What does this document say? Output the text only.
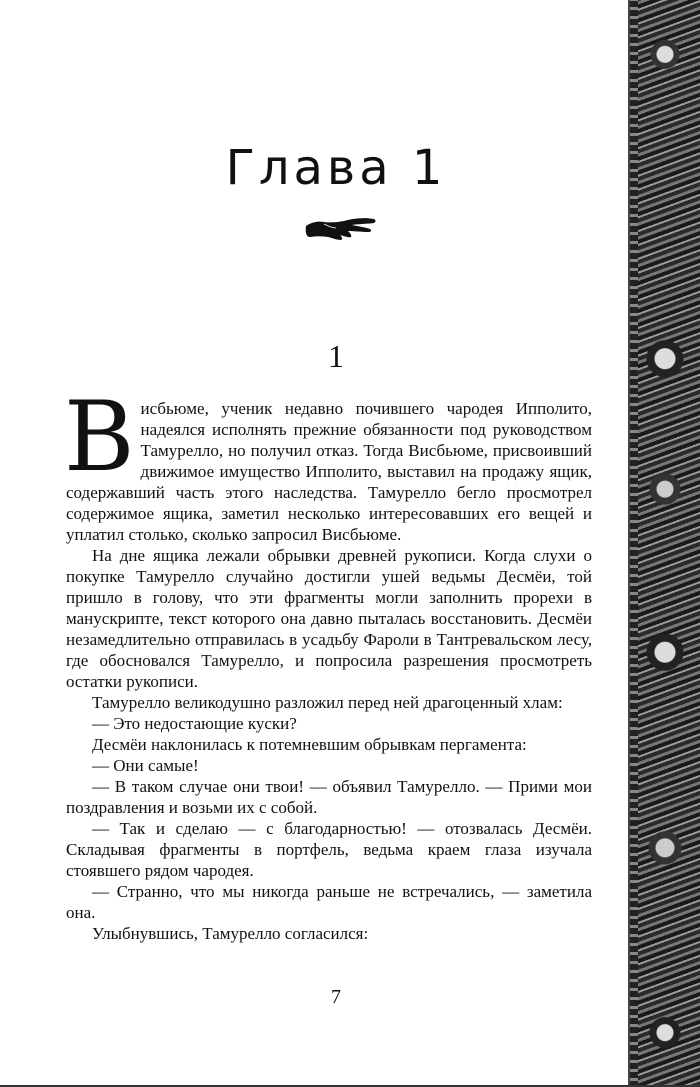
Глава 1
1

Висбьюме, ученик недавно почившего чародея Ипполито, надеялся исполнять прежние обязанности под руководством Тамурелло, но получил отказ. Тогда Висбьюме, присвоивший движимое имущество Ипполито, выставил на продажу ящик, содержавший часть этого наследства. Тамурелло бегло просмотрел содержимое ящика, заметил несколько интересовавших его вещей и уплатил столько, сколько запросил Висбьюме.

На дне ящика лежали обрывки древней рукописи. Когда слухи о покупке Тамурелло случайно достигли ушей ведьмы Десмёи, той пришло в голову, что эти фрагменты могли заполнить прорехи в манускрипте, текст которого она давно пыталась восстановить. Десмёи незамедлительно отправилась в усадьбу Фароли в Тантревальском лесу, где обосновался Тамурелло, и попросила разрешения просмотреть остатки рукописи.

Тамурелло великодушно разложил перед ней драгоценный хлам:

— Это недостающие куски?

Десмёи наклонилась к потемневшим обрывкам пергамента:

— Они самые!

— В таком случае они твои! — объявил Тамурелло. — Прими мои поздравления и возьми их с собой.

— Так и сделаю — с благодарностью! — отозвалась Десмёи. Складывая фрагменты в портфель, ведьма краем глаза изучала стоявшего рядом чародея.

— Странно, что мы никогда раньше не встречались, — заметила она.

Улыбнувшись, Тамурелло согласился:

7
